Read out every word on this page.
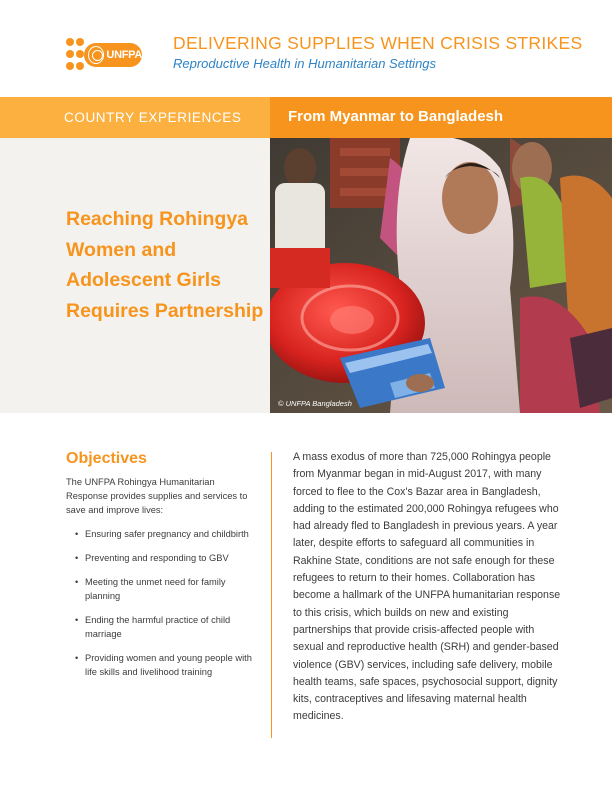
UNFPA
DELIVERING SUPPLIES WHEN CRISIS STRIKES
Reproductive Health in Humanitarian Settings
COUNTRY EXPERIENCES	From Myanmar to Bangladesh
Reaching Rohingya Women and Adolescent Girls Requires Partnership
© UNFPA Bangladesh
Objectives

The UNFPA Rohingya Humanitarian Response provides supplies and services to save and improve lives:

• Ensuring safer pregnancy and childbirth
• Preventing and responding to GBV
• Meeting the unmet need for family planning
• Ending the harmful practice of child marriage
• Providing women and young people with life skills and livelihood training

A mass exodus of more than 725,000 Rohingya people from Myanmar began in mid-August 2017, with many forced to flee to the Cox's Bazar area in Bangladesh, adding to the estimated 200,000 Rohingya refugees who had already fled to Bangladesh in previous years. A year later, despite efforts to safeguard all communities in Rakhine State, conditions are not safe enough for these refugees to return to their homes. Collaboration has become a hallmark of the UNFPA humanitarian response to this crisis, which builds on new and existing partnerships that provide crisis-affected people with sexual and reproductive health (SRH) and gender-based violence (GBV) services, including safe delivery, mobile health teams, safe spaces, psychosocial support, dignity kits, contraceptives and lifesaving maternal health medicines.
